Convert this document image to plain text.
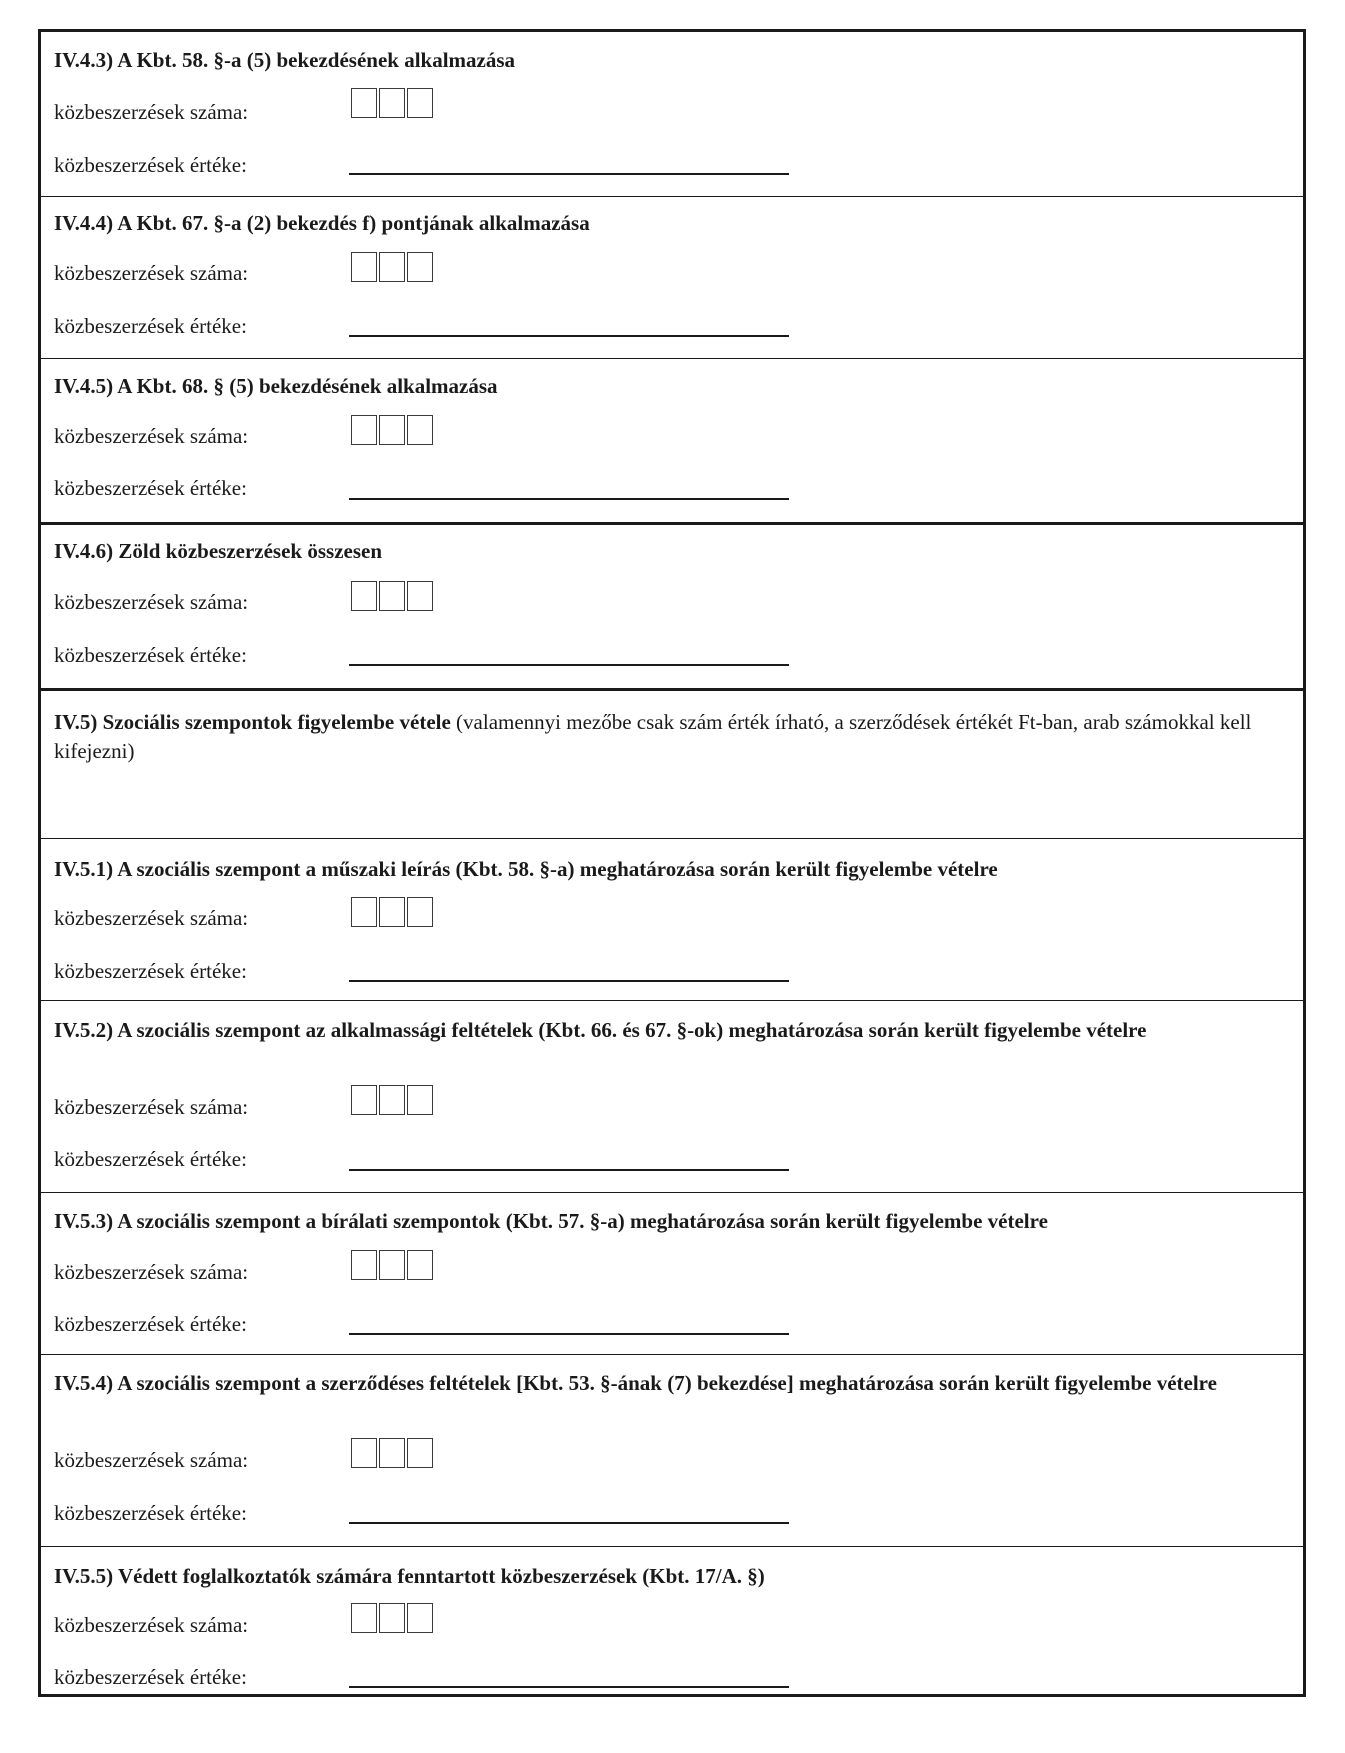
IV.4.3) A Kbt. 58. §-a (5) bekezdésének alkalmazása

közbeszerzések száma:
közbeszerzések értéke:

IV.4.4) A Kbt. 67. §-a (2) bekezdés f) pontjának alkalmazása

közbeszerzések száma:
közbeszerzések értéke:

IV.4.5) A Kbt. 68. § (5) bekezdésének alkalmazása

közbeszerzések száma:
közbeszerzések értéke:

IV.4.6) Zöld közbeszerzések összesen

közbeszerzések száma:
közbeszerzések értéke:

IV.5) Szociális szempontok figyelembe vétele (valamennyi mezőbe csak szám érték írható, a szerződések értékét Ft-ban, arab számokkal kell kifejezni)

IV.5.1) A szociális szempont a műszaki leírás (Kbt. 58. §-a) meghatározása során került figyelembe vételre

közbeszerzések száma:
közbeszerzések értéke:

IV.5.2) A szociális szempont az alkalmassági feltételek (Kbt. 66. és 67. §-ok) meghatározása során került figyelembe vételre

közbeszerzések száma:
közbeszerzések értéke:

IV.5.3) A szociális szempont a bírálati szempontok (Kbt. 57. §-a) meghatározása során került figyelembe vételre

közbeszerzések száma:
közbeszerzések értéke:

IV.5.4) A szociális szempont a szerződéses feltételek [Kbt. 53. §-ának (7) bekezdése] meghatározása során került figyelembe vételre

közbeszerzések száma:
közbeszerzések értéke:

IV.5.5) Védett foglalkoztatók számára fenntartott közbeszerzések (Kbt. 17/A. §)

közbeszerzések száma:
közbeszerzések értéke:
